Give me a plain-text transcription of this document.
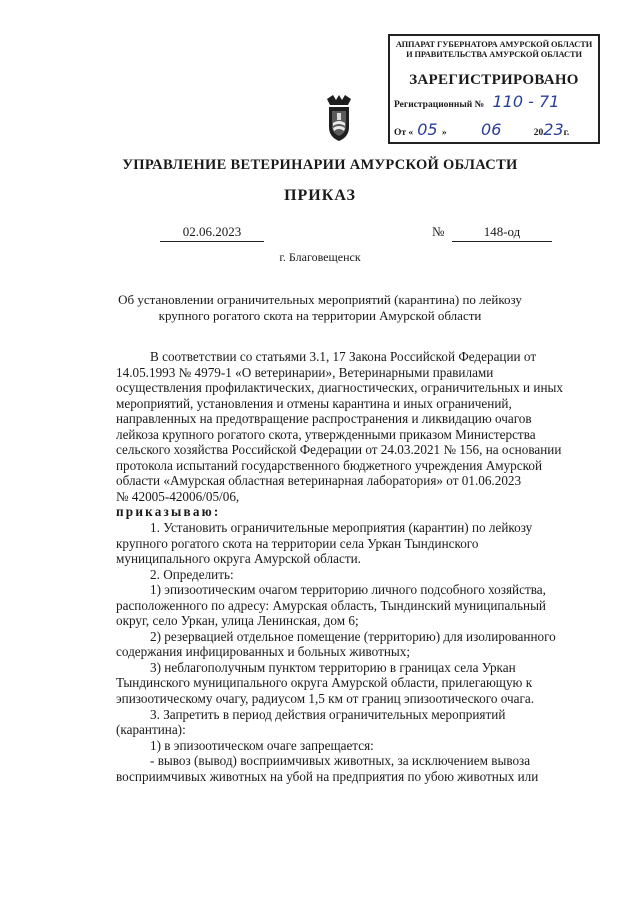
АППАРАТ ГУБЕРНАТОРА АМУРСКОЙ ОБЛАСТИ
И ПРАВИТЕЛЬСТВА АМУРСКОЙ ОБЛАСТИ
ЗАРЕГИСТРИРОВАНО
Регистрационный № 110 - 71
От « 05 » 06	2023г.
УПРАВЛЕНИЕ ВЕТЕРИНАРИИ АМУРСКОЙ ОБЛАСТИ
ПРИКАЗ
02.06.2023	№	148-од
г. Благовещенск
Об установлении ограничительных мероприятий (карантина) по лейкозу
крупного рогатого скота на территории Амурской области

В соответствии со статьями 3.1, 17 Закона Российской Федерации от

14.05.1993 № 4979-1 «О ветеринарии», Ветеринарными правилами

осуществления профилактических, диагностических, ограничительных и иных

мероприятий, установления и отмены карантина и иных ограничений,

направленных на предотвращение распространения и ликвидацию очагов

лейкоза крупного рогатого скота, утвержденными приказом Министерства

сельского хозяйства Российской Федерации от 24.03.2021 № 156, на основании

протокола испытаний государственного бюджетного учреждения Амурской

области «Амурская областная ветеринарная лаборатория» от 01.06.2023

№ 42005-42006/05/06,

приказываю:

1. Установить ограничительные мероприятия (карантин) по лейкозу

крупного рогатого скота на территории села Уркан Тындинского

муниципального округа Амурской области.

2. Определить:

1) эпизоотическим очагом территорию личного подсобного хозяйства,

расположенного по адресу: Амурская область, Тындинский муниципальный

округ, село Уркан, улица Ленинская, дом 6;

2) резервацией отдельное помещение (территорию) для изолированного

содержания инфицированных и больных животных;

3) неблагополучным пунктом территорию в границах села Уркан

Тындинского муниципального округа Амурской области, прилегающую к

эпизоотическому очагу, радиусом 1,5 км от границ эпизоотического очага.

3. Запретить в период действия ограничительных мероприятий

(карантина):

1) в эпизоотическом очаге запрещается:

- вывоз (вывод) восприимчивых животных, за исключением вывоза

восприимчивых животных на убой на предприятия по убою животных или
